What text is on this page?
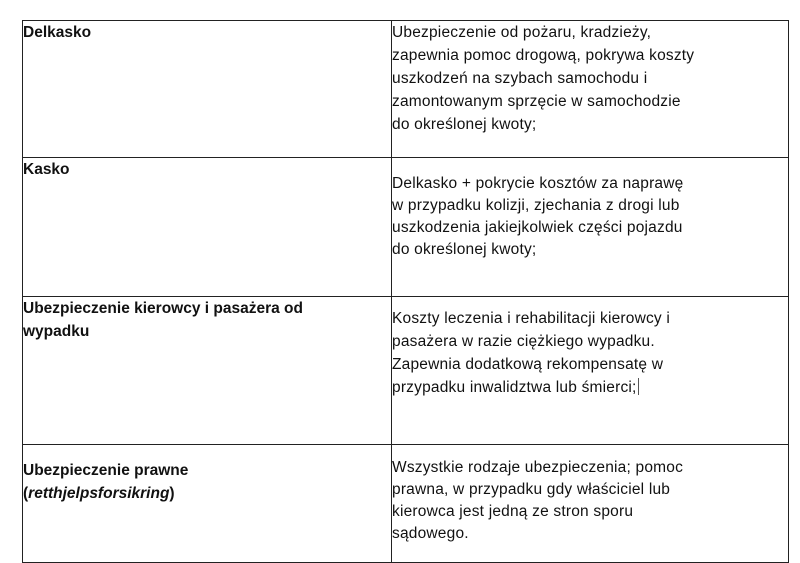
Delkasko	Ubezpieczenie od pożaru, kradzieży,
zapewnia pomoc drogową, pokrywa koszty
uszkodzeń na szybach samochodu i
zamontowanym sprzęcie w samochodzie
do określonej kwoty;

Kasko	Delkasko + pokrycie kosztów za naprawę
w przypadku kolizji, zjechania z drogi lub
uszkodzenia jakiejkolwiek części pojazdu
do określonej kwoty;

Ubezpieczenie kierowcy i pasażera od
wypadku	Koszty leczenia i rehabilitacji kierowcy i
pasażera w razie ciężkiego wypadku.
Zapewnia dodatkową rekompensatę w
przypadku inwalidztwa lub śmierci;

Ubezpieczenie prawne
(retthjelpsforsikring)	Wszystkie rodzaje ubezpieczenia; pomoc
prawna, w przypadku gdy właściciel lub
kierowca jest jedną ze stron sporu
sądowego.
